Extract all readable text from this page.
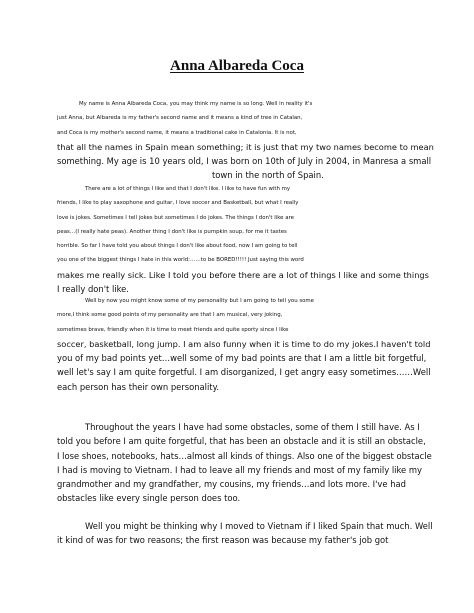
Anna Albareda Coca

My name is Anna Albareda Coca, you may think my name is so long. Well in reality it's
just Anna, but Albareda is my father's second name and it means a kind of tree in Catalan,
and Coca is my mother's second name, it means a traditional cake in Catalonia. It is not,
that all the names in Spain mean something; it is just that my two names become to mean
something. My age is 10 years old, I was born on 10th of July in 2004, in Manresa a small
town in the north of Spain.

There are a lot of things I like and that I don't like. I like to have fun with my
friends, I like to play saxophone and guitar, I love soccer and Basketball, but what I really
love is jokes. Sometimes I tell jokes but sometimes I do jokes. The things I don't like are
peas…(I really hate peas). Another thing I don't like is pumpkin soup, for me it tastes
horrible. So far I have told you about things I don't like about food, now I am going to tell
you one of the biggest things I hate in this world:……to be BORED!!!!! Just saying this word
makes me really sick. Like I told you before there are a lot of things I like and some things
I really don't like.

Well by now you might know some of my personality but I am going to tell you some
more,I think some good points of my personality are that I am musical, very joking,
sometimes brave, friendly when it is time to meet friends and quite sporty since I like
soccer, basketball, long jump. I am also funny when it is time to do my jokes.I haven't told
you of my bad points yet…well some of my bad points are that I am a little bit forgetful,
well let's say I am quite forgetful. I am disorganized, I get angry easy sometimes……Well
each person has their own personality.

Throughout the years I have had some obstacles, some of them I still have. As I
told you before I am quite forgetful, that has been an obstacle and it is still an obstacle,
I lose shoes, notebooks, hats…almost all kinds of things. Also one of the biggest obstacle
I had is moving to Vietnam. I had to leave all my friends and most of my family like my
grandmother and my grandfather, my cousins, my friends…and lots more. I've had
obstacles like every single person does too.

Well you might be thinking why I moved to Vietnam if I liked Spain that much. Well
it kind of was for two reasons; the first reason was because my father's job got
